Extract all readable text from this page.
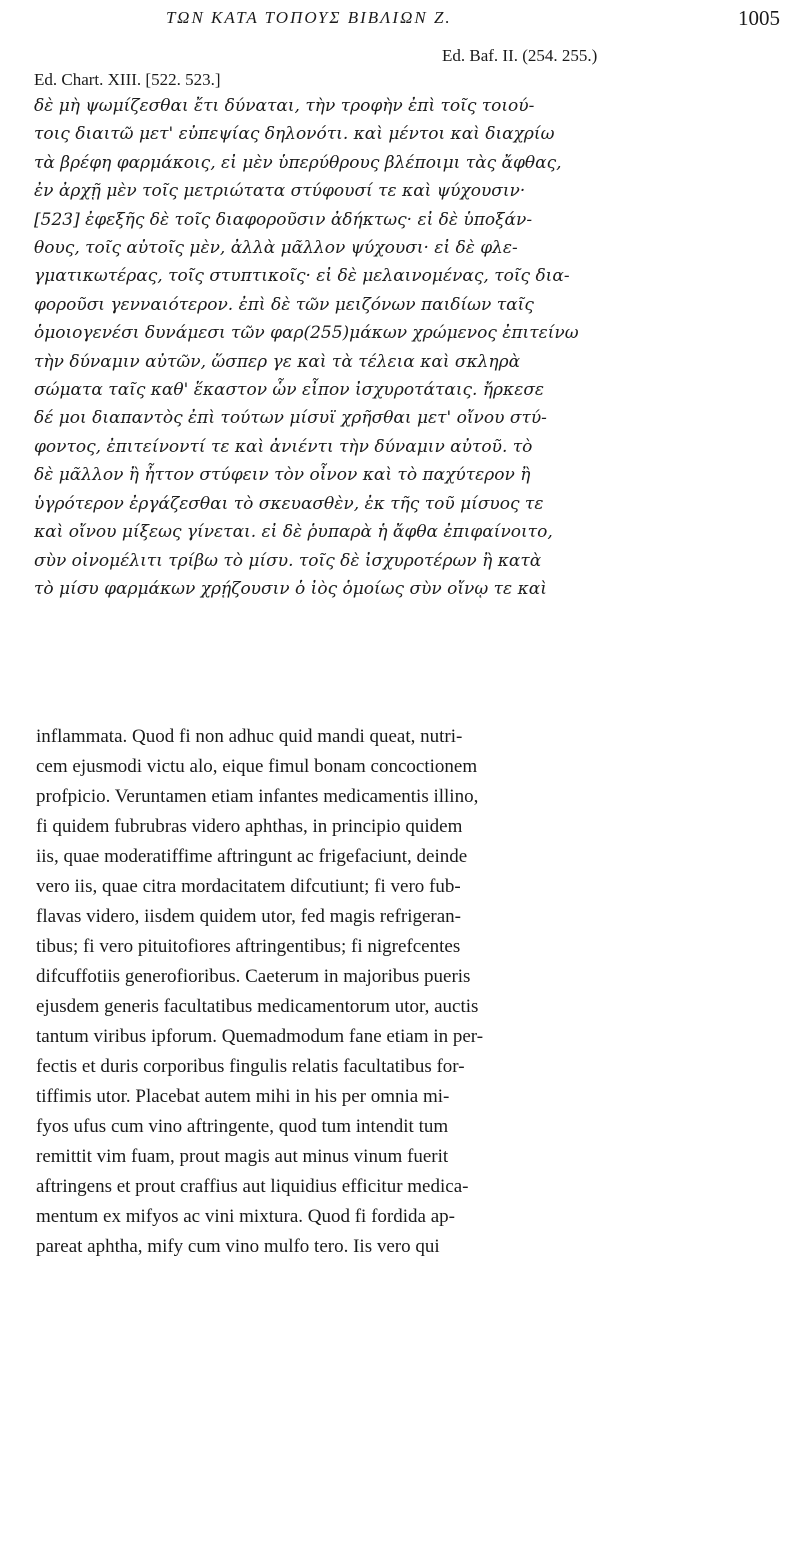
ΤΩΝ ΚΑΤΑ ΤΟΠΟΥΣ ΒΙΒΛΙΩΝ Ζ.	1005
Ed. Baf. II. (254. 255.)
Ed. Chart. XIII. [522. 523.]
δὲ μὴ ψωμίζεσθαι ἔτι δύναται, τὴν τροφὴν ἐπὶ τοῖς τοιού-
τοις διαιτῶ μετ' εὐπεψίας δηλονότι. καὶ μέντοι καὶ διαχρίω
τὰ βρέφη φαρμάκοις, εἰ μὲν ὑπερύθρους βλέποιμι τὰς ἄφθας,
ἐν ἀρχῇ μὲν τοῖς μετριώτατα στύφουσί τε καὶ ψύχουσιν·
[523] ἐφεξῆς δὲ τοῖς διαφοροῦσιν ἀδήκτως· εἰ δὲ ὑποξάν-
θους, τοῖς αὐτοῖς μὲν, ἀλλὰ μᾶλλον ψύχουσι· εἰ δὲ φλε-
γματικωτέρας, τοῖς στυπτικοῖς· εἰ δὲ μελαινομένας, τοῖς δια-
φοροῦσι γενναιότερον. ἐπὶ δὲ τῶν μειζόνων παιδίων ταῖς
ὁμοιογενέσι δυνάμεσι τῶν φαρ(255)μάκων χρώμενος ἐπιτείνω
τὴν δύναμιν αὐτῶν, ὥσπερ γε καὶ τὰ τέλεια καὶ σκληρὰ
σώματα ταῖς καθ' ἕκαστον ὧν εἶπον ἰσχυροτάταις. ἤρκεσε
δέ μοι διαπαντὸς ἐπὶ τούτων μίσυϊ χρῆσθαι μετ' οἴνου στύ-
φοντος, ἐπιτείνοντί τε καὶ ἀνιέντι τὴν δύναμιν αὐτοῦ. τὸ
δὲ μᾶλλον ἢ ἧττον στύφειν τὸν οἶνον καὶ τὸ παχύτερον ἢ
ὑγρότερον ἐργάζεσθαι τὸ σκευασθὲν, ἐκ τῆς τοῦ μίσυος τε
καὶ οἴνου μίξεως γίνεται. εἰ δὲ ῥυπαρὰ ἡ ἄφθα ἐπιφαίνοιτο,
σὺν οἰνομέλιτι τρίβω τὸ μίσυ. τοῖς δὲ ἰσχυροτέρων ἢ κατὰ
τὸ μίσυ φαρμάκων χρῄζουσιν ὁ ἰὸς ὁμοίως σὺν οἴνῳ τε καὶ
inflammata. Quod fi non adhuc quid mandi queat, nutri-
cem ejusmodi victu alo, eique fimul bonam concoctionem
profpicio. Veruntamen etiam infantes medicamentis illino,
fi quidem fubrubras videro aphthas, in principio quidem
iis, quae moderatiffime aftringunt ac frigefaciunt, deinde
vero iis, quae citra mordacitatem difcutiunt; fi vero fub-
flavas videro, iisdem quidem utor, fed magis refrigeran-
tibus; fi vero pituitofiores aftringentibus; fi nigrefcentes
difcuffotiis generofioribus. Caeterum in majoribus pueris
ejusdem generis facultatibus medicamentorum utor, auctis
tantum viribus ipforum. Quemadmodum fane etiam in per-
fectis et duris corporibus fingulis relatis facultatibus for-
tiffimis utor. Placebat autem mihi in his per omnia mi-
fyos ufus cum vino aftringente, quod tum intendit tum
remittit vim fuam, prout magis aut minus vinum fuerit
aftringens et prout craffius aut liquidius efficitur medica-
mentum ex mifyos ac vini mixtura. Quod fi fordida ap-
pareat aphtha, mify cum vino mulfo tero. Iis vero qui
